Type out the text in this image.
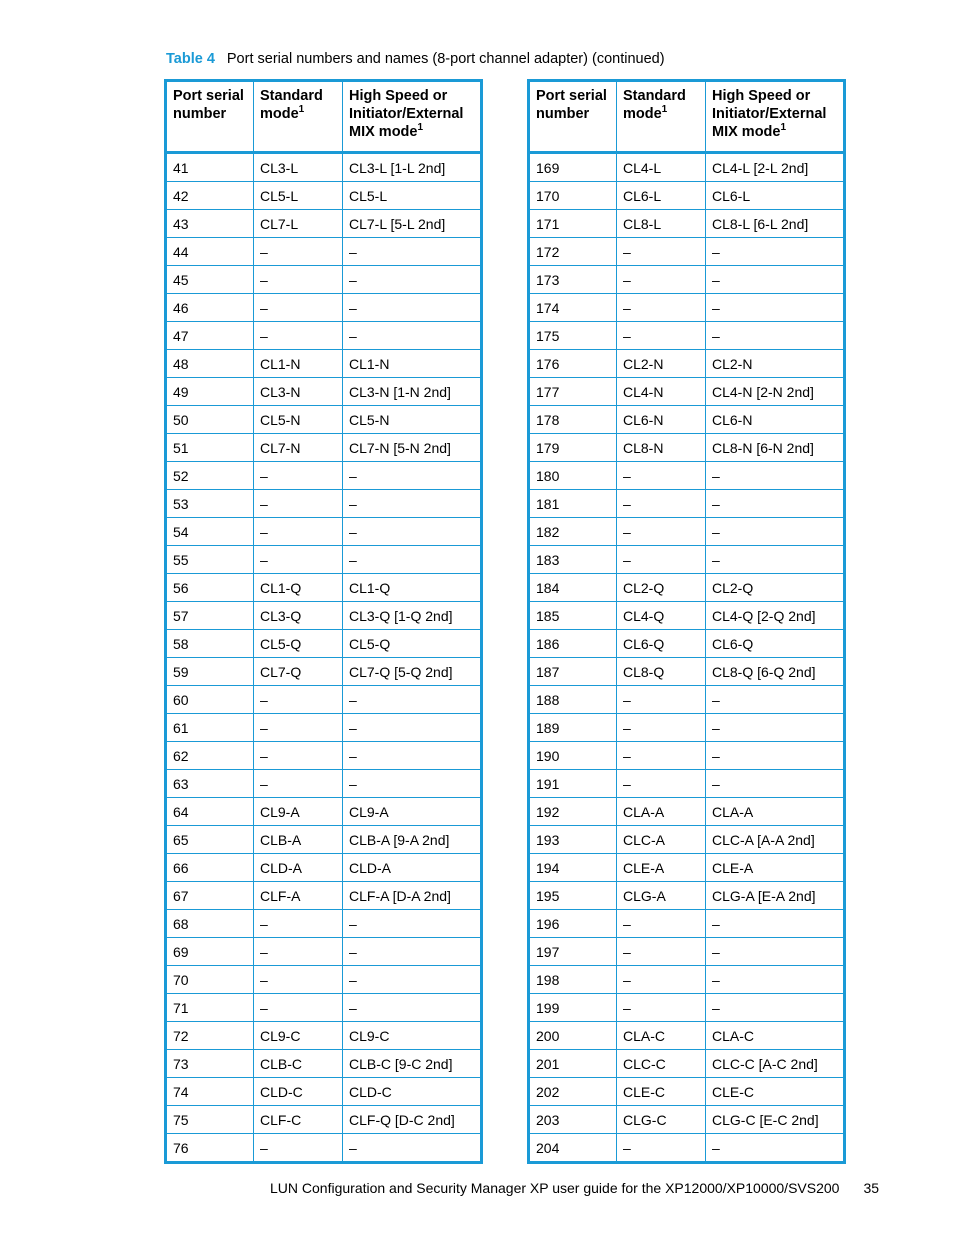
Table 4 Port serial numbers and names (8-port channel adapter) (continued)
Port serial number	Standard mode$^1$	High Speed or Initiator/External MIX mode$^1$
41	CL3-L	CL3-L [1-L 2nd]
42	CL5-L	CL5-L
43	CL7-L	CL7-L [5-L 2nd]
44	–	–
45	–	–
46	–	–
47	–	–
48	CL1-N	CL1-N
49	CL3-N	CL3-N [1-N 2nd]
50	CL5-N	CL5-N
51	CL7-N	CL7-N [5-N 2nd]
52	–	–
53	–	–
54	–	–
55	–	–
56	CL1-Q	CL1-Q
57	CL3-Q	CL3-Q [1-Q 2nd]
58	CL5-Q	CL5-Q
59	CL7-Q	CL7-Q [5-Q 2nd]
60	–	–
61	–	–
62	–	–
63	–	–
64	CL9-A	CL9-A
65	CLB-A	CLB-A [9-A 2nd]
66	CLD-A	CLD-A
67	CLF-A	CLF-A [D-A 2nd]
68	–	–
69	–	–
70	–	–
71	–	–
72	CL9-C	CL9-C
73	CLB-C	CLB-C [9-C 2nd]
74	CLD-C	CLD-C
75	CLF-C	CLF-Q [D-C 2nd]
76	–	–
Port serial number	Standard mode$^1$	High Speed or Initiator/External MIX mode$^1$
169	CL4-L	CL4-L [2-L 2nd]
170	CL6-L	CL6-L
171	CL8-L	CL8-L [6-L 2nd]
172	–	–
173	–	–
174	–	–
175	–	–
176	CL2-N	CL2-N
177	CL4-N	CL4-N [2-N 2nd]
178	CL6-N	CL6-N
179	CL8-N	CL8-N [6-N 2nd]
180	–	–
181	–	–
182	–	–
183	–	–
184	CL2-Q	CL2-Q
185	CL4-Q	CL4-Q [2-Q 2nd]
186	CL6-Q	CL6-Q
187	CL8-Q	CL8-Q [6-Q 2nd]
188	–	–
189	–	–
190	–	–
191	–	–
192	CLA-A	CLA-A
193	CLC-A	CLC-A [A-A 2nd]
194	CLE-A	CLE-A
195	CLG-A	CLG-A [E-A 2nd]
196	–	–
197	–	–
198	–	–
199	–	–
200	CLA-C	CLA-C
201	CLC-C	CLC-C [A-C 2nd]
202	CLE-C	CLE-C
203	CLG-C	CLG-C [E-C 2nd]
204	–	–
LUN Configuration and Security Manager XP user guide for the XP12000/XP10000/SVS200 35
